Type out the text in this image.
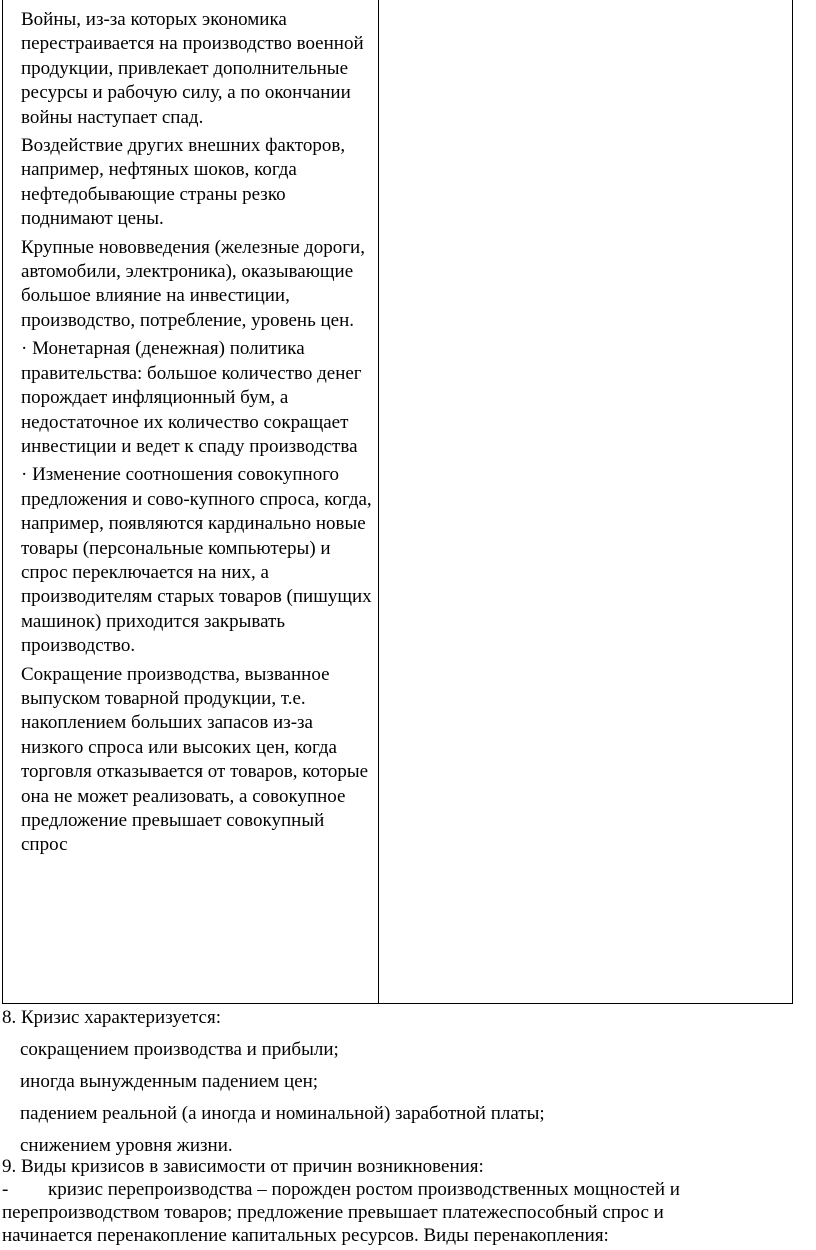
Войны, из-за которых экономика перестраивается на производство военной продукции, привлекает дополнительные ресурсы и рабочую силу, а по окончании войны наступает спад.

Воздействие других внешних факторов, например, нефтяных шоков, когда нефтедобывающие страны резко поднимают цены.

Крупные нововведения (железные дороги, автомобили, электроника), оказывающие большое влияние на инвестиции, производство, потребление, уровень цен.

· Монетарная (денежная) политика правительства: большое количество денег порождает инфляционный бум, а недостаточное их количество сокращает инвестиции и ведет к спаду производства

· Изменение соотношения совокупного предложения и сово-купного спроса, когда, например, появляются кардинально новые товары (персональные компьютеры) и спрос переключается на них, а производителям старых товаров (пишущих машинок) приходится закрывать производство.

Сокращение производства, вызванное выпуском товарной продукции, т.е. накоплением больших запасов из-за низкого спроса или высоких цен, когда торговля отказывается от товаров, которые она не может реализовать, а совокупное предложение превышает совокупный спрос

8. Кризис характеризуется:
сокращением производства и прибыли;
иногда вынужденным падением цен;
падением реальной (а иногда и номинальной) заработной платы;
снижением уровня жизни.
9. Виды кризисов в зависимости от причин возникновения:
- кризис перепроизводства – порожден ростом производственных мощностей и
перепроизводством товаров; предложение превышает платежеспособный спрос и
начинается перенакопление капитальных ресурсов. Виды перенакопления:
